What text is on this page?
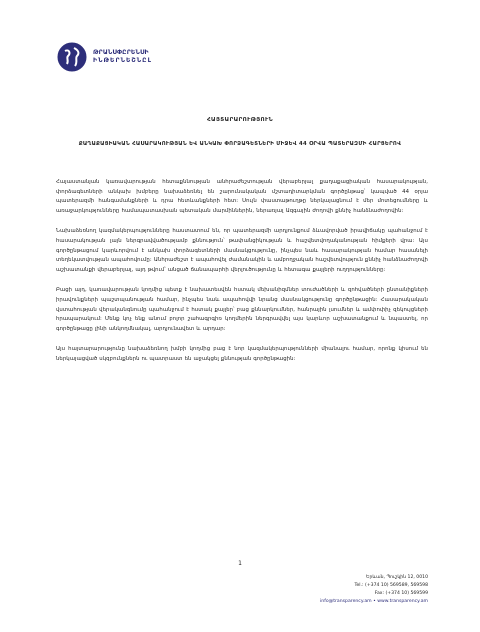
ԹՐԱՆՍՓԸՐԵՆՍԻ
ԻՆԹԵՐՆԵՇՆԸԼ
ՀԱՅՏԱՐԱՐՈՒԹՅՈՒՆ
ՔԱՂԱՔԱՑԻԱԿԱՆ ՀԱՍԱՐԱԿՈՒԹՅԱՆ ԵՎ ԱՆԿԱԽ ՓՈՐՁԱԳԵՏՆԵՐԻ ՄԻՋԵՎ 44 ՕՐՎԱ ՊԱՏԵՐԱԶՄԻ ՀԱՐՑԵՐՈՎ

Հայաստանյան կառավարության հետաքննության անհրաժեշտության վերաբերյալ քաղաքացիական հասարակության, փորձագետների անկախ խմբերը նախաձեռնել են շարունակական մշտադիտարկման գործընթաց՝ կապված 44 օրյա պատերազմի հանգամանքների և դրա հետևանքների հետ: Սույն փաստաթուղթը ներկայացնում է մեր մոտեցումները և առաջարկությունները համապատասխան պետական մարմիններին, ներառյալ Ազգային ժողովի քննիչ հանձնաժողովին:

Նախաձեռնող կազմակերպությունները հաստատում են, որ պատերազմի արդյունքում ձևավորված իրավիճակը պահանջում է հասարակության լայն ներգրավվածությամբ քննություն՝ թափանցիկության և հաշվետվողականության հիմքերի վրա: Այս գործընթացում կարևորվում է անկախ փորձագետների մասնակցությունը, ինչպես նաև հասարակության համար հասանելի տեղեկատվության ապահովումը: Անհրաժեշտ է ապահովել ժամանակին և ամբողջական հաշվետվություն քննիչ հանձնաժողովի աշխատանքի վերաբերյալ, այդ թվում՝ անցած ճանապարհի վերլուծությունը և հետագա քայլերի ուղղությունները:

Բացի այդ, կառավարության կողմից պետք է նախատեսվեն հստակ մեխանիզմներ տուժածների և զոհվածների ընտանիքների իրավունքների պաշտպանության համար, ինչպես նաև ապահովվի նրանց մասնակցությունը գործընթացին: Հասարակական վստահության վերականգնումը պահանջում է հստակ քայլեր՝ բաց քննարկումներ, հանրային լսումներ և ամփոփիչ զեկույցների հրապարակում: Մենք կոչ ենք անում բոլոր շահագրգիռ կողմերին ներգրավվել այս կարևոր աշխատանքում և նպաստել, որ գործընթացը լինի անկողմնակալ, արդյունավետ և արդար:

Այս հայտարարությունը նախաձեռնող խմբի կողմից բաց է նոր կազմակերպությունների միանալու համար, որոնք կիսում են ներկայացված սկզբունքներն ու պատրաստ են աջակցել քննության գործընթացին:

1
Երևան, Պուշկին 12, 0010
Tel.: (+374 10) 569589, 569598
Fax: (+374 10) 569599
info@transparency.am • www.transparency.am
